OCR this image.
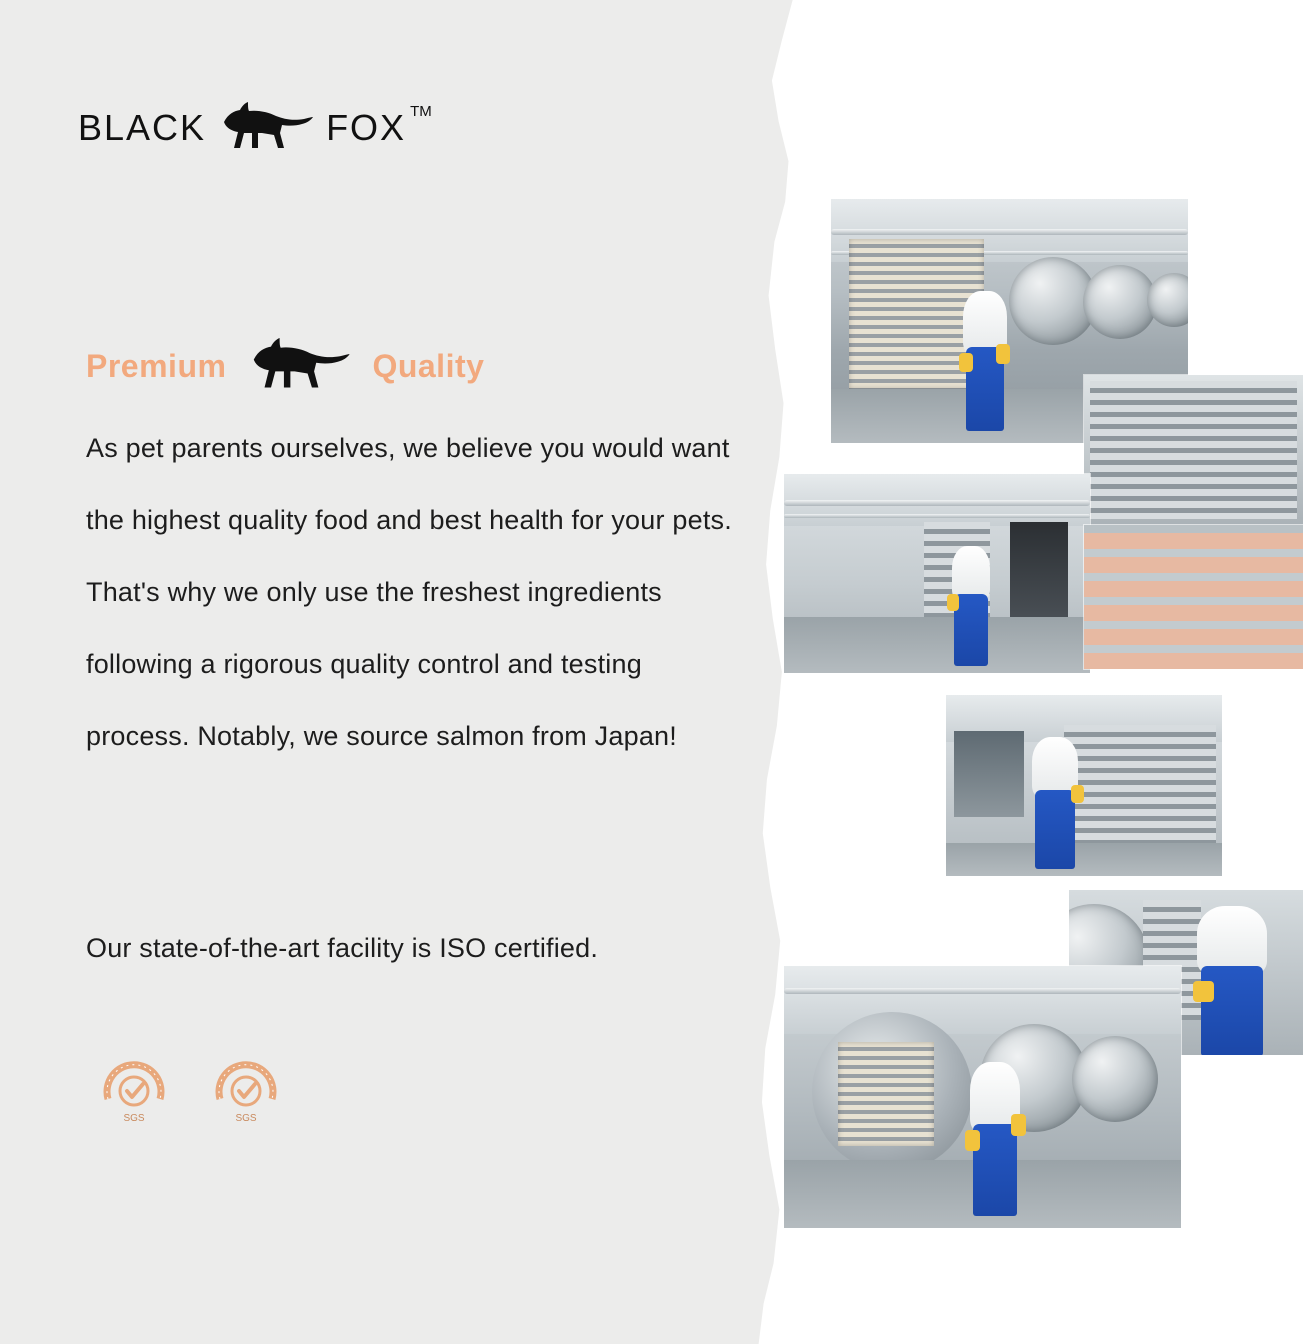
BLACK	FOX TM
Premium	Quality

As pet parents ourselves, we believe you would want the highest quality food and best health for your pets. That's why we only use the freshest ingredients following a rigorous quality control and testing process. Notably, we source salmon from Japan!

Our state-of-the-art facility is ISO certified.

SGS	SGS
